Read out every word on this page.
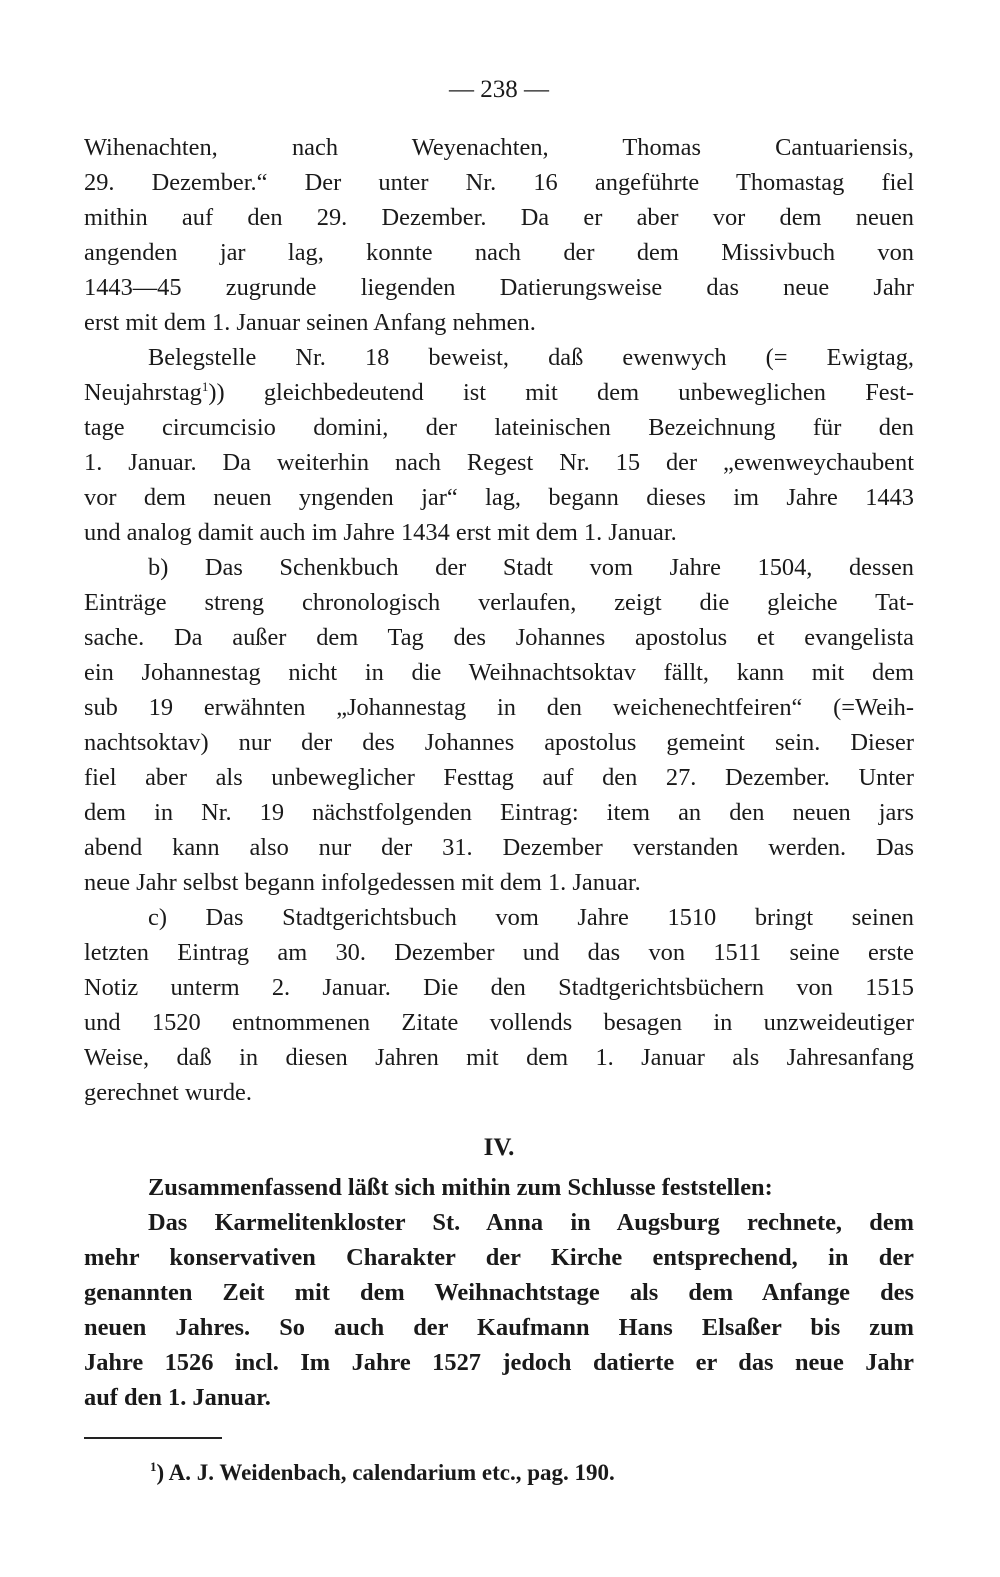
— 238 —
Wihenachten, nach Weyenachten, Thomas Cantuariensis,
29. Dezember.“ Der unter Nr. 16 angeführte Thomastag fiel
mithin auf den 29. Dezember. Da er aber vor dem neuen
angenden jar lag, konnte nach der dem Missivbuch von
1443—45 zugrunde liegenden Datierungsweise das neue Jahr
erst mit dem 1. Januar seinen Anfang nehmen.
Belegstelle Nr. 18 beweist, daß ewenwych (= Ewigtag,
Neujahrstag$^1$)) gleichbedeutend ist mit dem unbeweglichen Fest-
tage circumcisio domini, der lateinischen Bezeichnung für den
1. Januar. Da weiterhin nach Regest Nr. 15 der „ewenweychaubent
vor dem neuen yngenden jar“ lag, begann dieses im Jahre 1443
und analog damit auch im Jahre 1434 erst mit dem 1. Januar.
b) Das Schenkbuch der Stadt vom Jahre 1504, dessen
Einträge streng chronologisch verlaufen, zeigt die gleiche Tat-
sache. Da außer dem Tag des Johannes apostolus et evangelista
ein Johannestag nicht in die Weihnachtsoktav fällt, kann mit dem
sub 19 erwähnten „Johannestag in den weichenechtfeiren“ (=Weih-
nachtsoktav) nur der des Johannes apostolus gemeint sein. Dieser
fiel aber als unbeweglicher Festtag auf den 27. Dezember. Unter
dem in Nr. 19 nächstfolgenden Eintrag: item an den neuen jars
abend kann also nur der 31. Dezember verstanden werden. Das
neue Jahr selbst begann infolgedessen mit dem 1. Januar.
c) Das Stadtgerichtsbuch vom Jahre 1510 bringt seinen
letzten Eintrag am 30. Dezember und das von 1511 seine erste
Notiz unterm 2. Januar. Die den Stadtgerichtsbüchern von 1515
und 1520 entnommenen Zitate vollends besagen in unzweideutiger
Weise, daß in diesen Jahren mit dem 1. Januar als Jahresanfang
gerechnet wurde.
IV.
Zusammenfassend läßt sich mithin zum Schlusse feststellen:
Das Karmelitenkloster St. Anna in Augsburg rechnete, dem
mehr konservativen Charakter der Kirche entsprechend, in der
genannten Zeit mit dem Weihnachtstage als dem Anfange des
neuen Jahres. So auch der Kaufmann Hans Elsaßer bis zum
Jahre 1526 incl. Im Jahre 1527 jedoch datierte er das neue Jahr
auf den 1. Januar.
$^1$) A. J. Weidenbach, calendarium etc., pag. 190.
